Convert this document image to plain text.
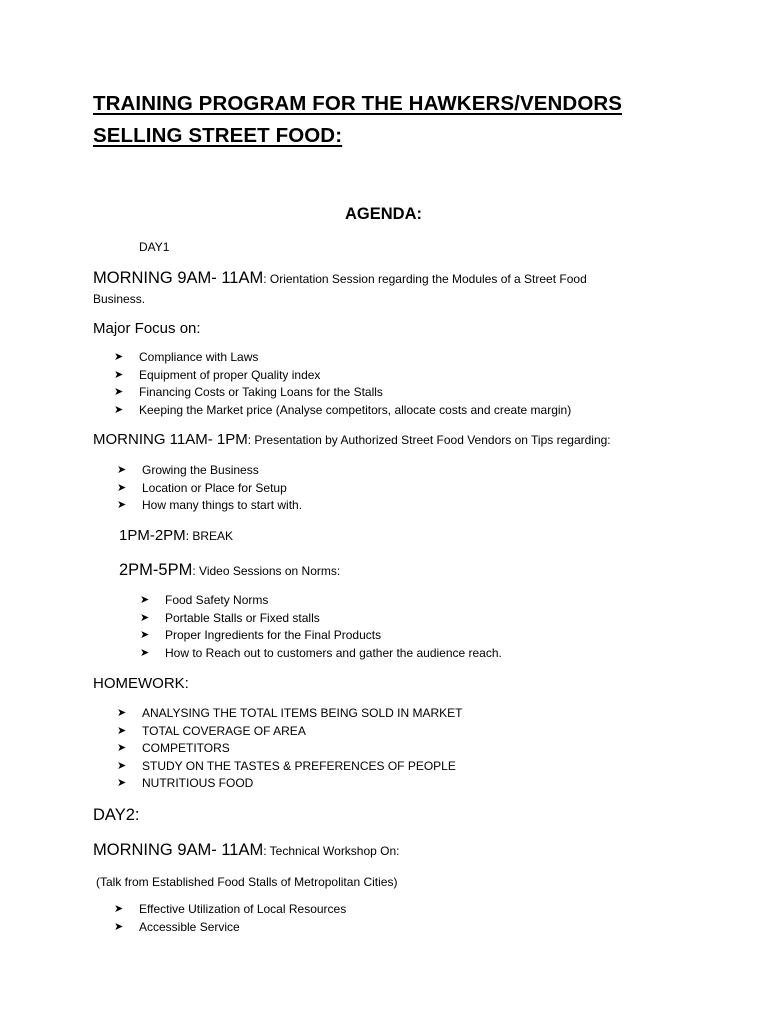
TRAINING PROGRAM FOR THE HAWKERS/VENDORS
SELLING STREET FOOD:
AGENDA:
DAY1
MORNING 9AM- 11AM: Orientation Session regarding the Modules of a Street Food
Business.
Major Focus on:
➤ Compliance with Laws
➤ Equipment of proper Quality index
➤ Financing Costs or Taking Loans for the Stalls
➤ Keeping the Market price (Analyse competitors, allocate costs and create margin)
MORNING 11AM- 1PM: Presentation by Authorized Street Food Vendors on Tips regarding:
➤ Growing the Business
➤ Location or Place for Setup
➤ How many things to start with.
1PM-2PM: BREAK
2PM-5PM: Video Sessions on Norms:
➤ Food Safety Norms
➤ Portable Stalls or Fixed stalls
➤ Proper Ingredients for the Final Products
➤ How to Reach out to customers and gather the audience reach.
HOMEWORK:
➤ ANALYSING THE TOTAL ITEMS BEING SOLD IN MARKET
➤ TOTAL COVERAGE OF AREA
➤ COMPETITORS
➤ STUDY ON THE TASTES & PREFERENCES OF PEOPLE
➤ NUTRITIOUS FOOD
DAY2:
MORNING 9AM- 11AM: Technical Workshop On:
(Talk from Established Food Stalls of Metropolitan Cities)
➤ Effective Utilization of Local Resources
➤ Accessible Service
